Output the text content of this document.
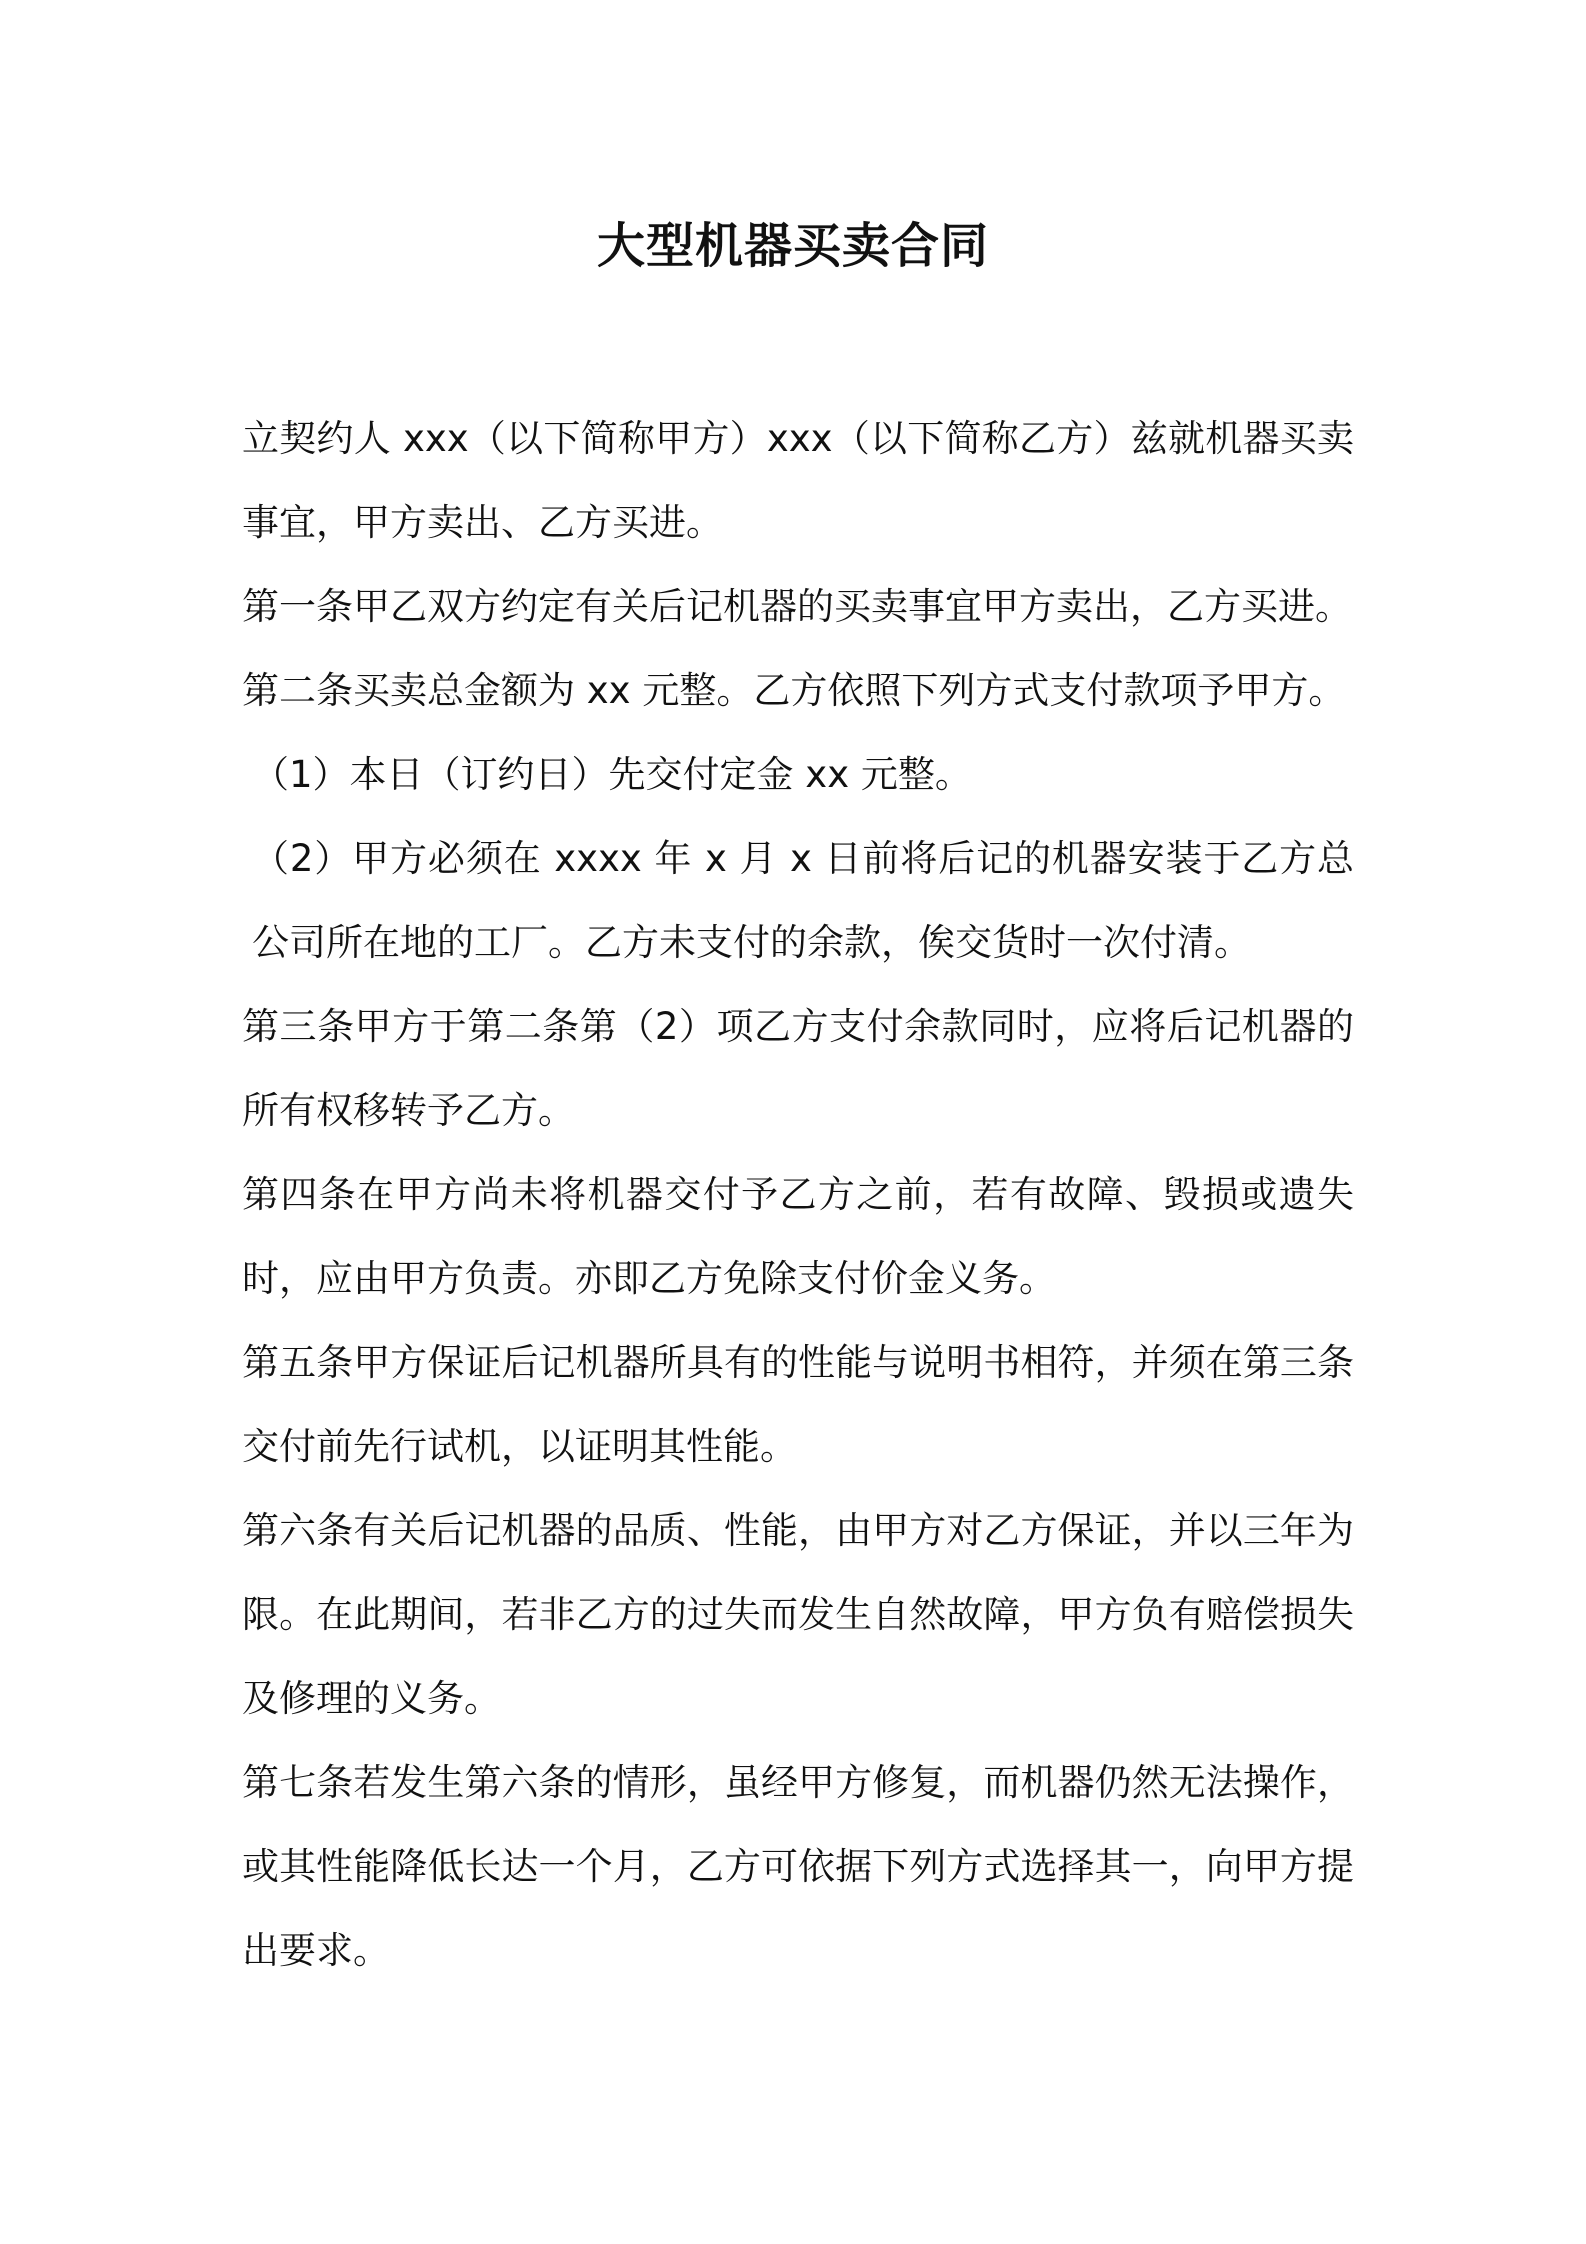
大型机器买卖合同

立契约人 xxx（以下简称甲方）xxx（以下简称乙方）兹就机器买卖事宜，甲方卖出、乙方买进。

第一条甲乙双方约定有关后记机器的买卖事宜甲方卖出，乙方买进。

第二条买卖总金额为 xx 元整。乙方依照下列方式支付款项予甲方。

（1）本日（订约日）先交付定金 xx 元整。

（2）甲方必须在 xxxx 年 x 月 x 日前将后记的机器安装于乙方总公司所在地的工厂。乙方未支付的余款，俟交货时一次付清。

第三条甲方于第二条第（2）项乙方支付余款同时，应将后记机器的所有权移转予乙方。

第四条在甲方尚未将机器交付予乙方之前，若有故障、毁损或遗失时，应由甲方负责。亦即乙方免除支付价金义务。

第五条甲方保证后记机器所具有的性能与说明书相符，并须在第三条交付前先行试机，以证明其性能。

第六条有关后记机器的品质、性能，由甲方对乙方保证，并以三年为限。在此期间，若非乙方的过失而发生自然故障，甲方负有赔偿损失及修理的义务。

第七条若发生第六条的情形，虽经甲方修复，而机器仍然无法操作，或其性能降低长达一个月，乙方可依据下列方式选择其一，向甲方提出要求。
